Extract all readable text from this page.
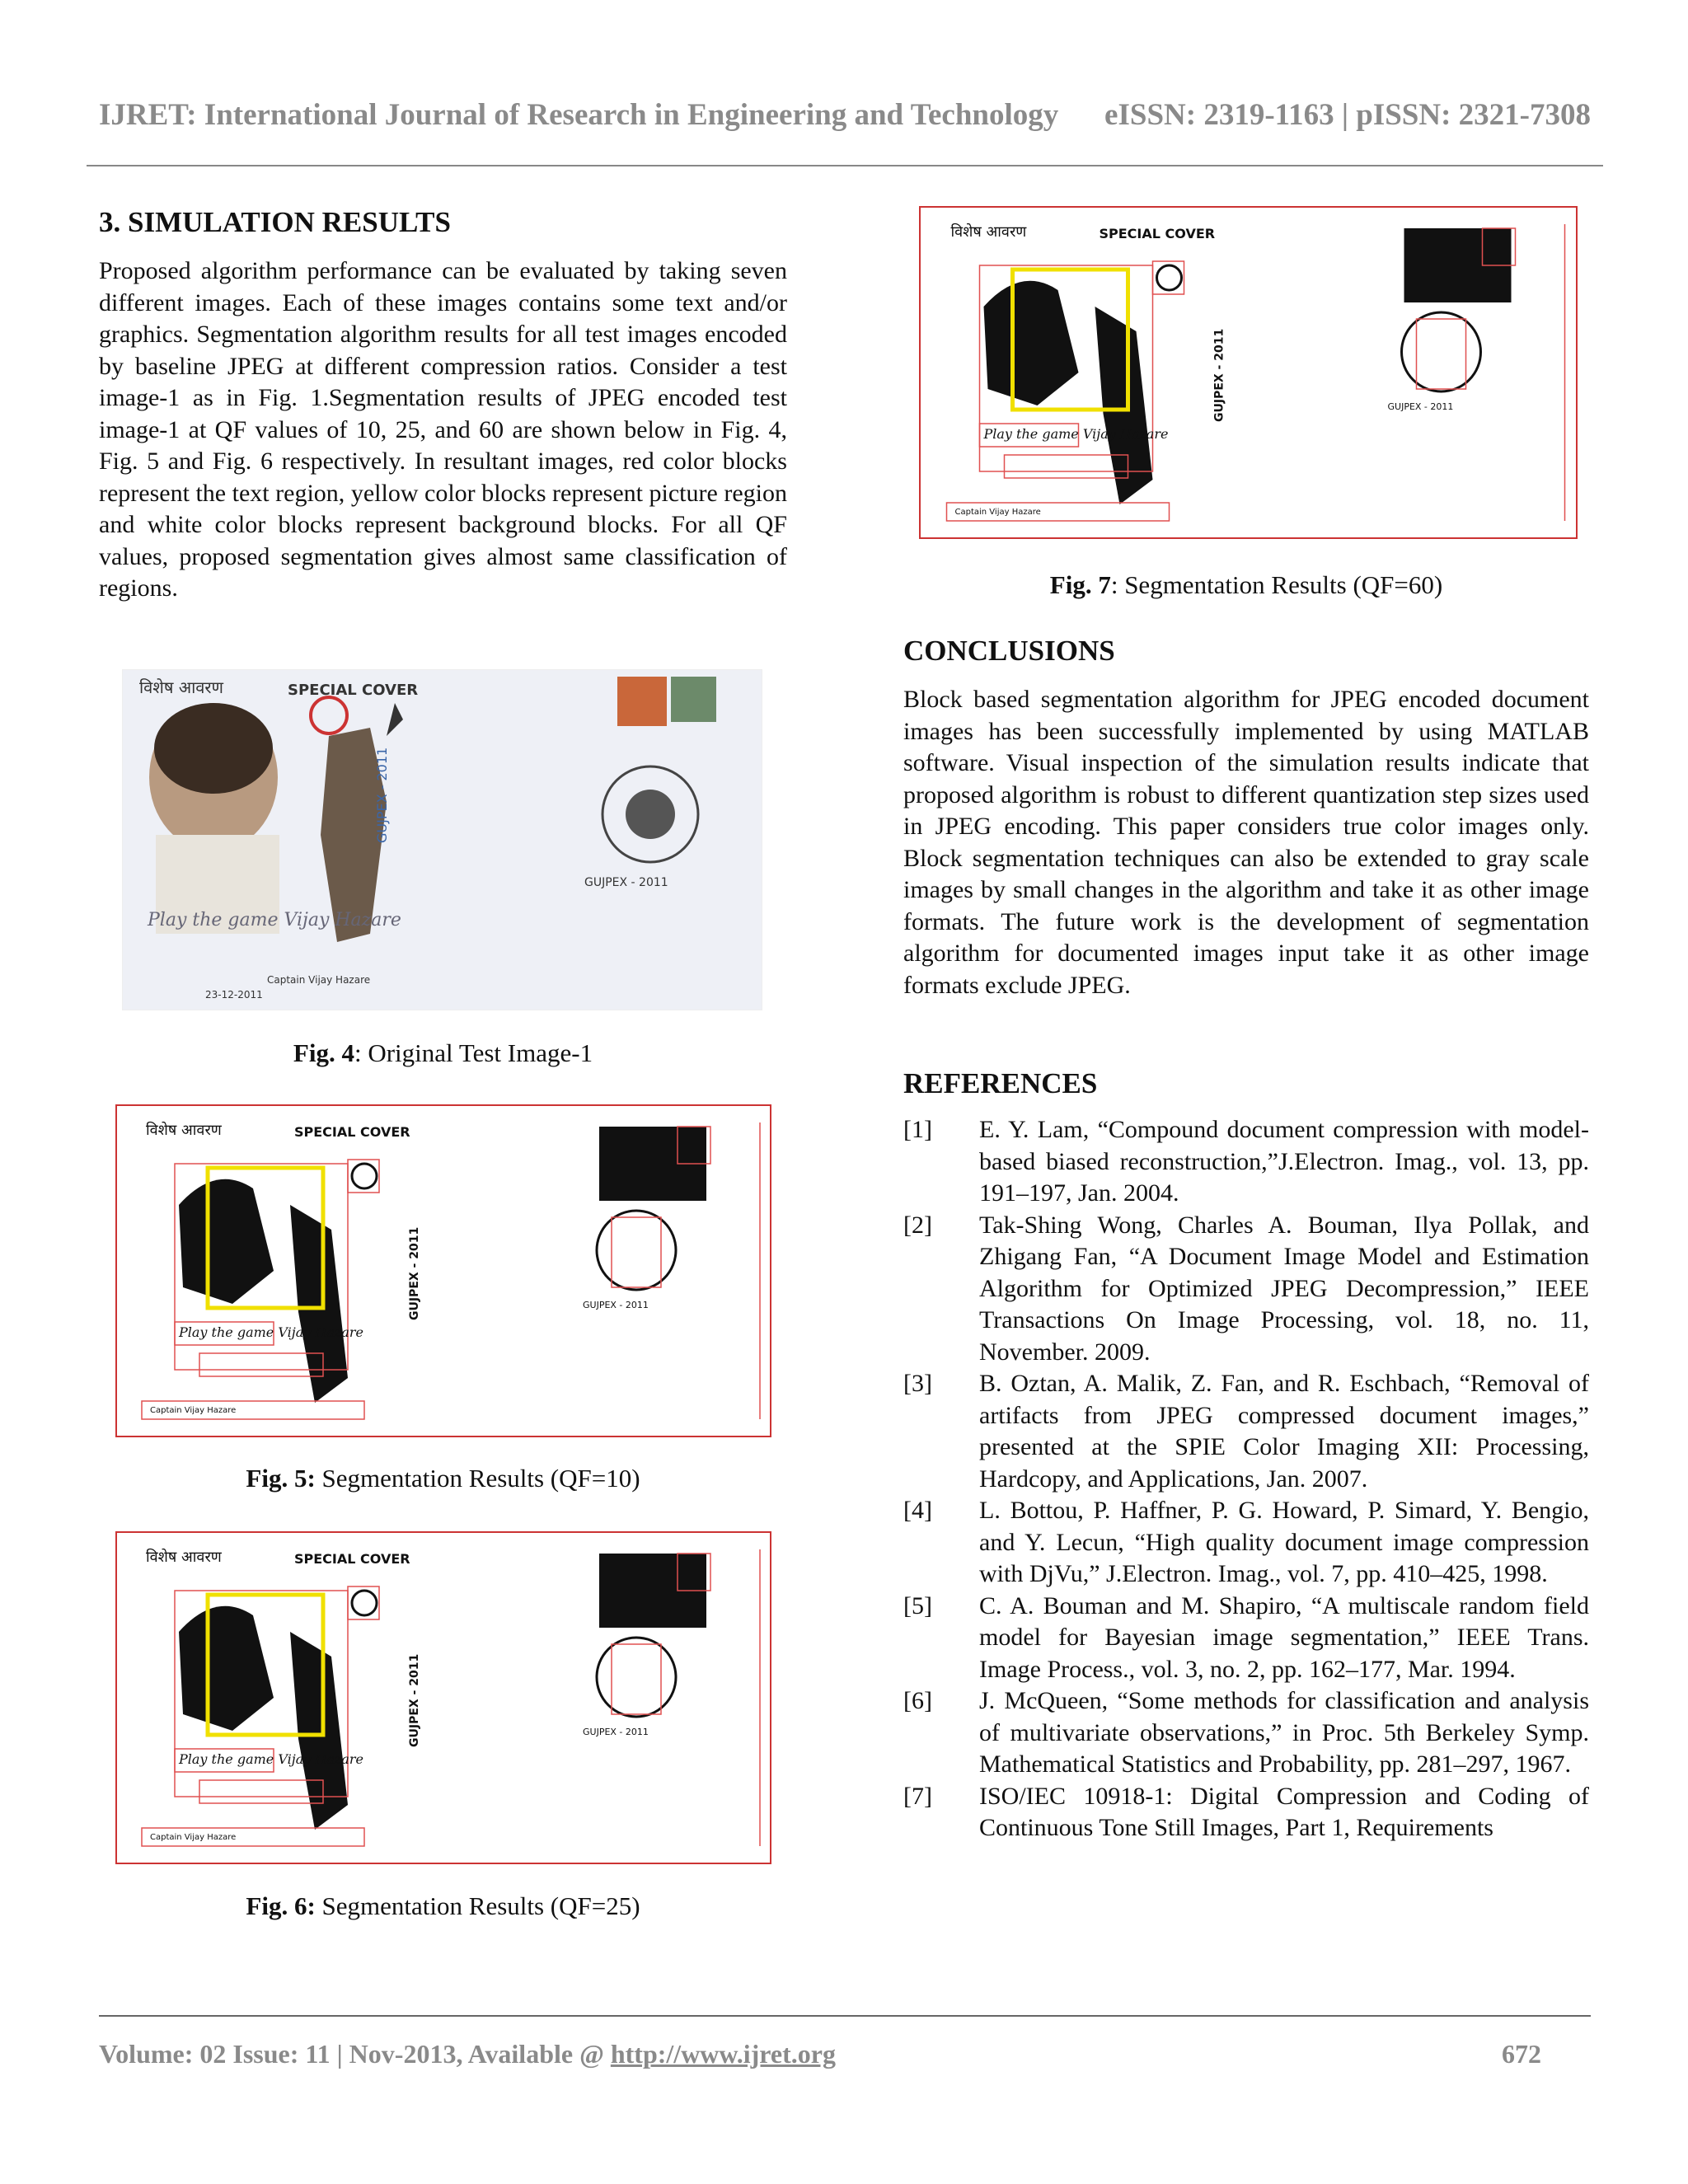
IJRET: International Journal of Research in Engineering and Technology eISSN: 2319-1163 | pISSN: 2321-7308
3. SIMULATION RESULTS

Proposed algorithm performance can be evaluated by taking seven different images. Each of these images contains some text and/or graphics. Segmentation algorithm results for all test images encoded by baseline JPEG at different compression ratios. Consider a test image-1 as in Fig. 1.Segmentation results of JPEG encoded test image-1 at QF values of 10, 25, and 60 are shown below in Fig. 4, Fig. 5 and Fig. 6 respectively. In resultant images, red color blocks represent the text region, yellow color blocks represent picture region and white color blocks represent background blocks. For all QF values, proposed segmentation gives almost same classification of regions.

विशेष आवरण	SPECIAL COVER
GUJPEX - 2011
Play the game Vijay Hazare
Captain Vijay Hazare
23-12-2011
GUJPEX - 2011
Fig. 4: Original Test Image-1
विशेष आवरण	SPECIAL COVER
Play the game Vijay Hazare
Captain Vijay Hazare
GUJPEX - 2011	GUJPEX - 2011
Fig. 5: Segmentation Results (QF=10)
विशेष आवरण	SPECIAL COVER
Play the game Vijay Hazare
Captain Vijay Hazare
GUJPEX - 2011	GUJPEX - 2011
Fig. 6: Segmentation Results (QF=25)
विशेष आवरण	SPECIAL COVER
Play the game Vijay Hazare
Captain Vijay Hazare
GUJPEX - 2011	GUJPEX - 2011
Fig. 7: Segmentation Results (QF=60)
CONCLUSIONS

Block based segmentation algorithm for JPEG encoded document images has been successfully implemented by using MATLAB software. Visual inspection of the simulation results indicate that proposed algorithm is robust to different quantization step sizes used in JPEG encoding. This paper considers true color images only. Block segmentation techniques can also be extended to gray scale images by small changes in the algorithm and take it as other image formats. The future work is the development of segmentation algorithm for documented images input take it as other image formats exclude JPEG.

REFERENCES
[1] E. Y. Lam, “Compound document compression with model-based biased reconstruction,”J.Electron. Imag., vol. 13, pp. 191–197, Jan. 2004.
[2] Tak-Shing Wong, Charles A. Bouman, Ilya Pollak, and Zhigang Fan, “A Document Image Model and Estimation Algorithm for Optimized JPEG Decompression,” IEEE Transactions On Image Processing, vol. 18, no. 11, November. 2009.
[3] B. Oztan, A. Malik, Z. Fan, and R. Eschbach, “Removal of artifacts from JPEG compressed document images,” presented at the SPIE Color Imaging XII: Processing, Hardcopy, and Applications, Jan. 2007.
[4] L. Bottou, P. Haffner, P. G. Howard, P. Simard, Y. Bengio, and Y. Lecun, “High quality document image compression with DjVu,” J.Electron. Imag., vol. 7, pp. 410–425, 1998.
[5] C. A. Bouman and M. Shapiro, “A multiscale random field model for Bayesian image segmentation,” IEEE Trans. Image Process., vol. 3, no. 2, pp. 162–177, Mar. 1994.
[6] J. McQueen, “Some methods for classification and analysis of multivariate observations,” in Proc. 5th Berkeley Symp. Mathematical Statistics and Probability, pp. 281–297, 1967.
[7] ISO/IEC 10918-1: Digital Compression and Coding of Continuous Tone Still Images, Part 1, Requirements
Volume: 02 Issue: 11 | Nov-2013, Available @ http://www.ijret.org	672
